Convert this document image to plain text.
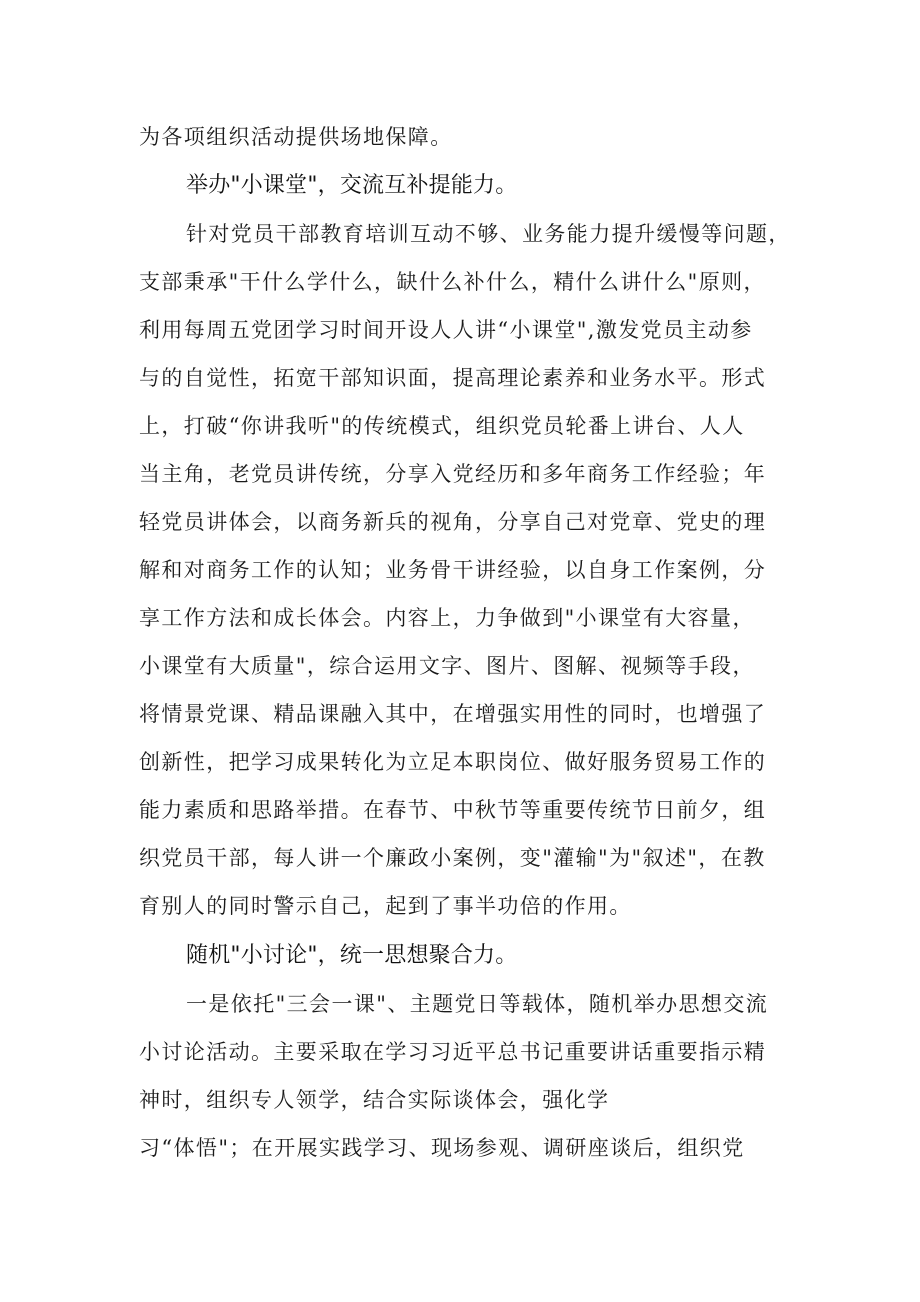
为各项组织活动提供场地保障。
举办"小课堂"，交流互补提能力。
针对党员干部教育培训互动不够、业务能力提升缓慢等问题，
支部秉承"干什么学什么，缺什么补什么，精什么讲什么"原则，
利用每周五党团学习时间开设人人讲“小课堂",激发党员主动参
与的自觉性，拓宽干部知识面，提高理论素养和业务水平。形式
上，打破“你讲我听"的传统模式，组织党员轮番上讲台、人人
当主角，老党员讲传统，分享入党经历和多年商务工作经验；年
轻党员讲体会，以商务新兵的视角，分享自己对党章、党史的理
解和对商务工作的认知；业务骨干讲经验，以自身工作案例，分
享工作方法和成长体会。内容上，力争做到"小课堂有大容量，
小课堂有大质量"，综合运用文字、图片、图解、视频等手段，
将情景党课、精品课融入其中，在增强实用性的同时，也增强了
创新性，把学习成果转化为立足本职岗位、做好服务贸易工作的
能力素质和思路举措。在春节、中秋节等重要传统节日前夕，组
织党员干部，每人讲一个廉政小案例，变"灌输"为"叙述"，在教
育别人的同时警示自己，起到了事半功倍的作用。
随机"小讨论"，统一思想聚合力。
一是依托"三会一课"、主题党日等载体，随机举办思想交流
小讨论活动。主要采取在学习习近平总书记重要讲话重要指示精
神时，组织专人领学，结合实际谈体会，强化学
习“体悟"；在开展实践学习、现场参观、调研座谈后，组织党
